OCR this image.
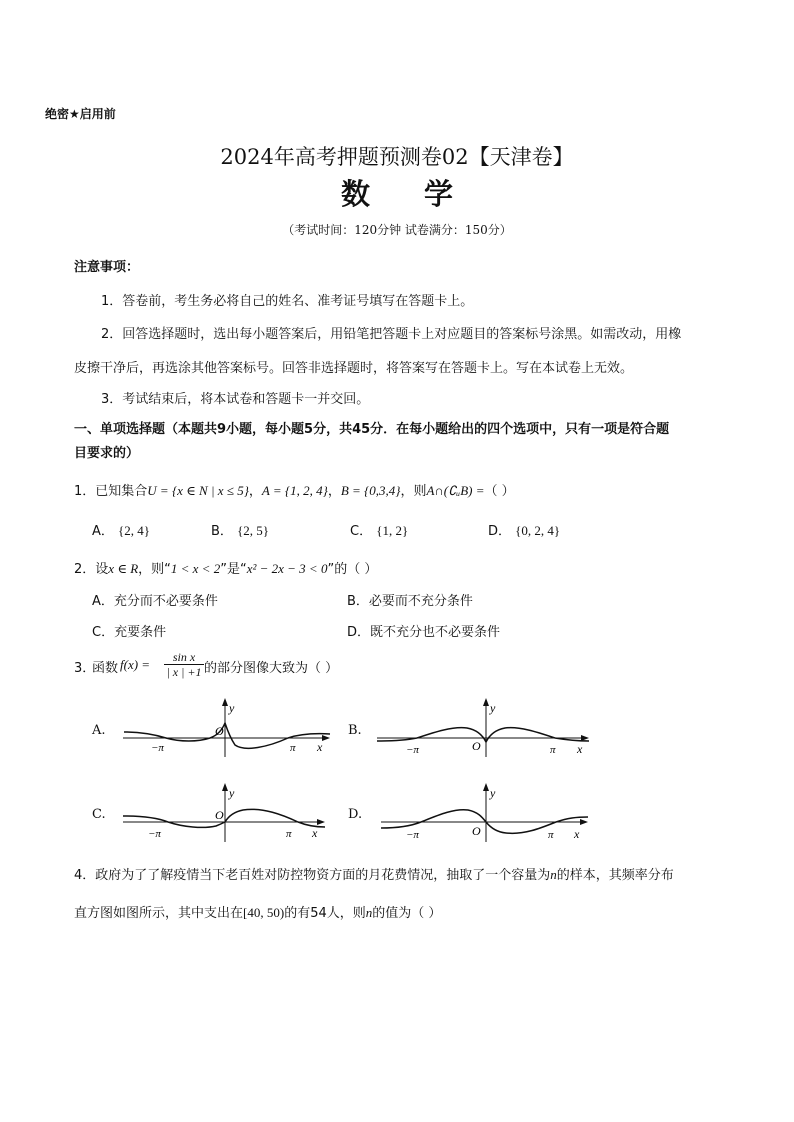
绝密★启用前
2024年高考押题预测卷02【天津卷】
数 学
（考试时间：120分钟 试卷满分：150分）
注意事项：
1．答卷前，考生务必将自己的姓名、准考证号填写在答题卡上。
2．回答选择题时，选出每小题答案后，用铅笔把答题卡上对应题目的答案标号涂黑。如需改动，用橡
皮擦干净后，再选涂其他答案标号。回答非选择题时，将答案写在答题卡上。写在本试卷上无效。
3．考试结束后，将本试卷和答题卡一并交回。
一、单项选择题（本题共9小题，每小题5分，共45分．在每小题给出的四个选项中，只有一项是符合题
目要求的）
1．已知集合U = {x ∈ N | x ≤ 5}，A = {1, 2, 4}，B = {0,3,4}，则A∩(∁ᵤB) =（ ）
A． {2, 4}	B． {2, 5}	C． {1, 2}	D． {0, 2, 4}
2．设x ∈ R，则“1 < x < 2”是“x² − 2x − 3 < 0”的（ ）
A．充分而不必要条件	B．必要而不充分条件
C．充要条件	D．既不充分也不必要条件
3．
函数 $f(x) = \frac{\text{sin x}}{| x | +1}$ 的部分图像大致为（ ）
A.	B.
C.	D.
y
O
−π	π x
y
O
−π	π x
y
O
−π	π x
y
O
−π	π x
4．政府为了了解疫情当下老百姓对防控物资方面的月花费情况，抽取了一个容量为n的样本，其频率分布
直方图如图所示，其中支出在[40, 50)的有54人，则n的值为（ ）
